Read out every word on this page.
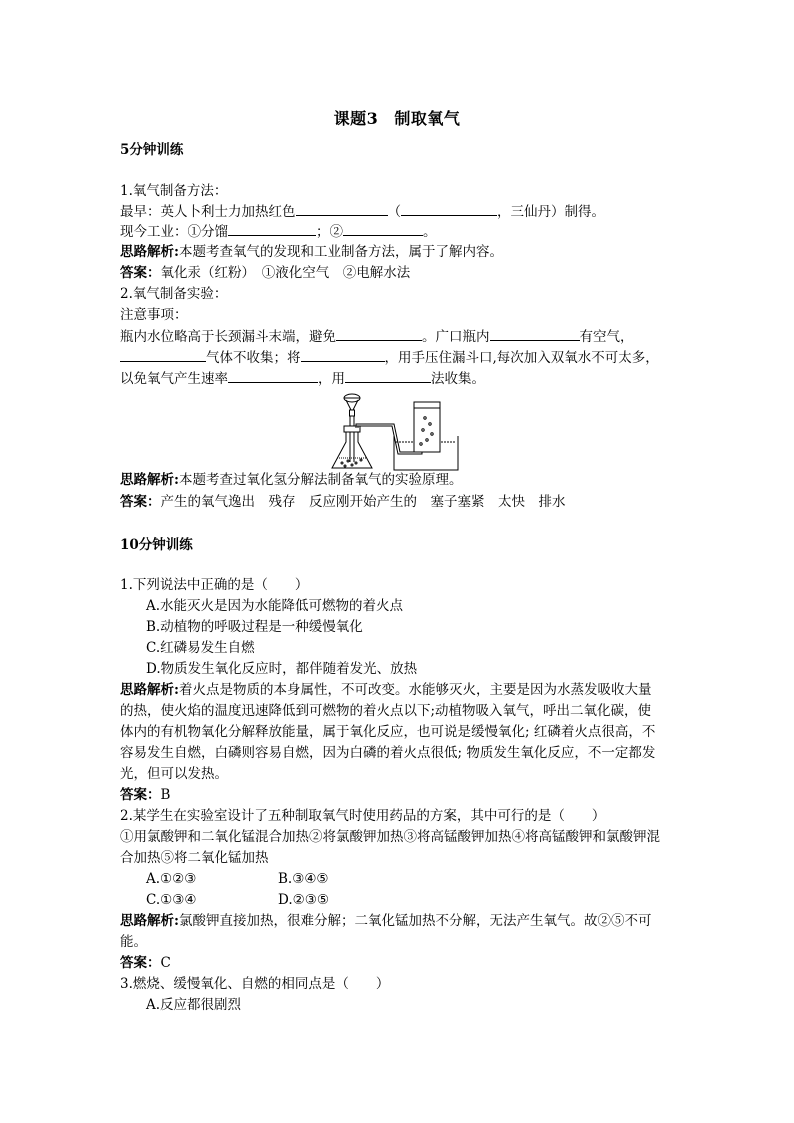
课题3 制取氧气
5分钟训练
1.氧气制备方法：
最早：英人卜利士力加热红色	（	，三仙丹）制得。
现今工业：①分馏	；②	。
思路解析:本题考查氧气的发现和工业制备方法，属于了解内容。
答案：氧化汞（红粉）　①液化空气　②电解水法
2.氧气制备实验：
注意事项：
瓶内水位略高于长颈漏斗末端，避免	。广口瓶内	有空气，
气体不收集；将	，用手压住漏斗口,每次加入双氧水不可太多，
以免氧气产生速率	，用	法收集。
思路解析:本题考查过氧化氢分解法制备氧气的实验原理。
答案：产生的氧气逸出　残存　反应刚开始产生的　塞子塞紧　太快　排水
10分钟训练
1.下列说法中正确的是（　　）
A.水能灭火是因为水能降低可燃物的着火点
B.动植物的呼吸过程是一种缓慢氧化
C.红磷易发生自燃
D.物质发生氧化反应时，都伴随着发光、放热
思路解析:着火点是物质的本身属性，不可改变。水能够灭火，主要是因为水蒸发吸收大量
的热，使火焰的温度迅速降低到可燃物的着火点以下;动植物吸入氧气，呼出二氧化碳，使
体内的有机物氧化分解释放能量，属于氧化反应，也可说是缓慢氧化; 红磷着火点很高，不
容易发生自燃，白磷则容易自燃，因为白磷的着火点很低; 物质发生氧化反应，不一定都发
光，但可以发热。
答案：B
2.某学生在实验室设计了五种制取氧气时使用药品的方案，其中可行的是（　　）
①用氯酸钾和二氧化锰混合加热②将氯酸钾加热③将高锰酸钾加热④将高锰酸钾和氯酸钾混
合加热⑤将二氧化锰加热
A.①②③	B.③④⑤
C.①③④	D.②③⑤
思路解析:氯酸钾直接加热，很难分解；二氧化锰加热不分解，无法产生氧气。故②⑤不可
能。
答案：C
3.燃烧、缓慢氧化、自燃的相同点是（　　）
A.反应都很剧烈
